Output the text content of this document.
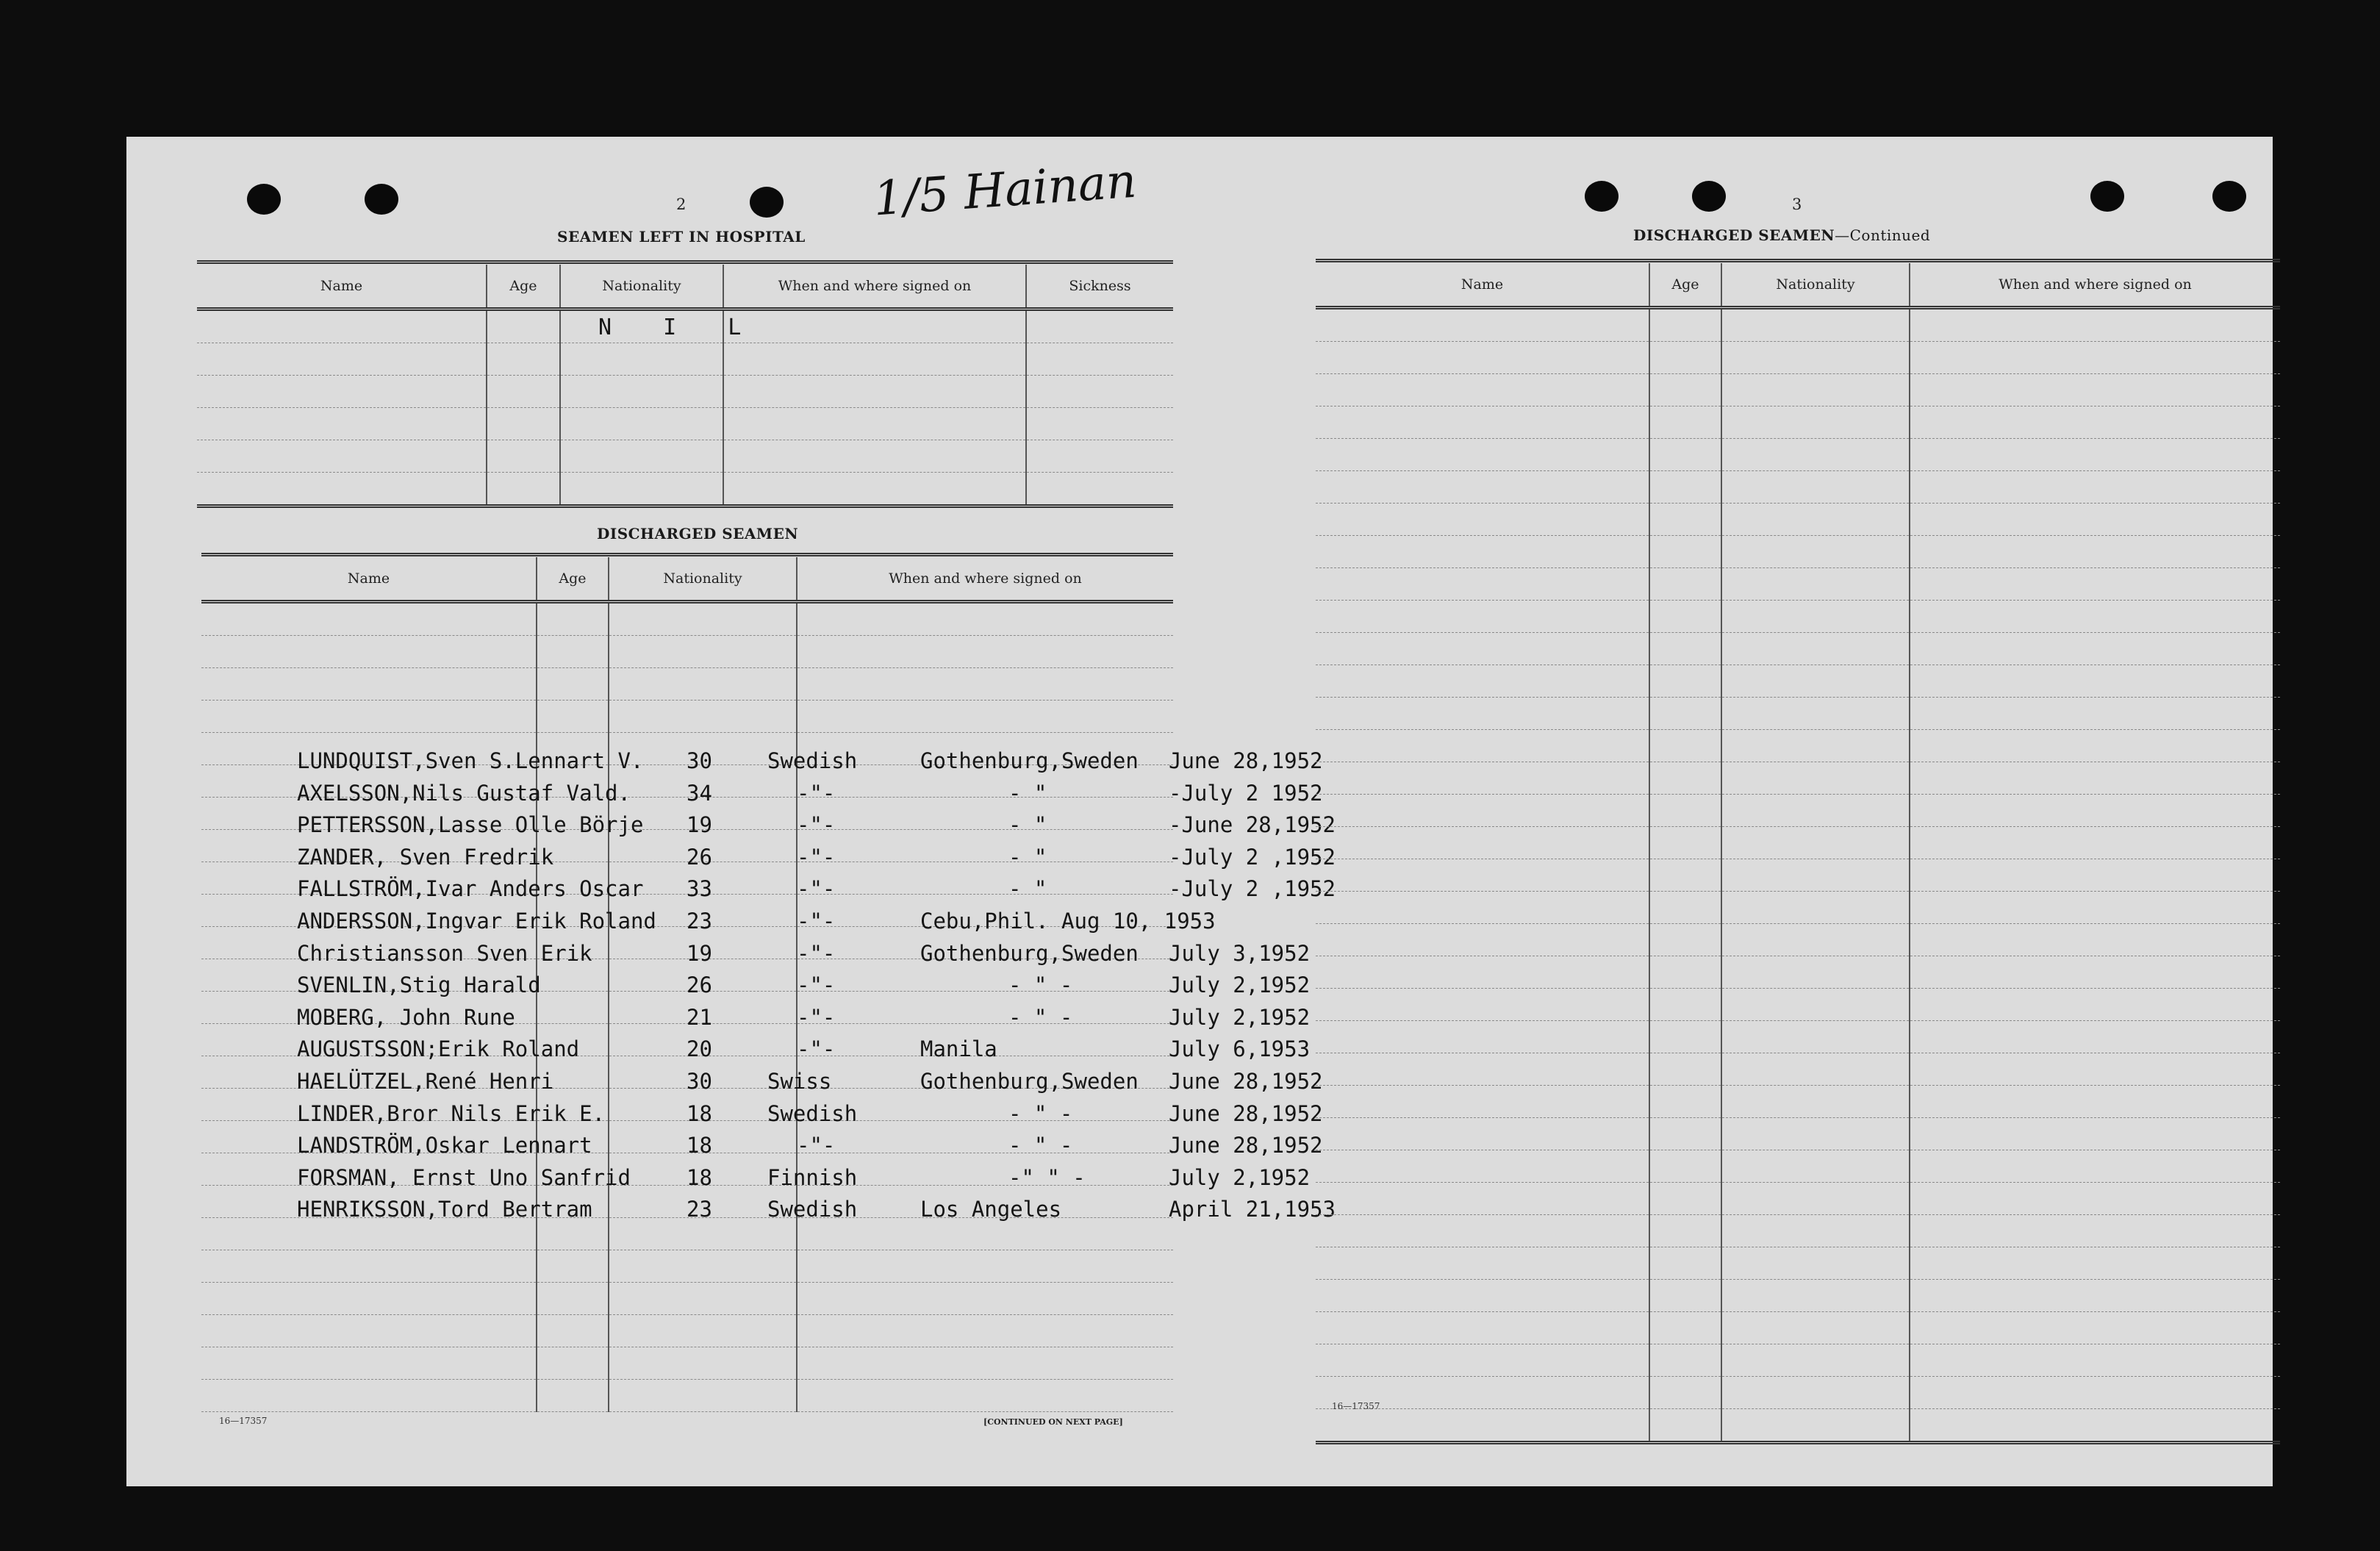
2	1/5 Hainan
SEAMEN LEFT IN HOSPITAL
Name	Age	Nationality	When and where signed on	Sickness

N I L
DISCHARGED SEAMEN
Name	Age	Nationality	When and where signed on

LUNDQUIST,Sven S.Lennart V. 30	Swedish	Gothenburg,Sweden June 28,1952
AXELSSON,Nils Gustaf Vald.	34	-"-	- "	-July 2 1952
PETTERSSON,Lasse Olle Börje 19	-"-	- "	-June 28,1952
ZANDER, Sven Fredrik	26	-"-	- "	-July 2 ,1952
FALLSTRÖM,Ivar Anders Oscar 33	-"-	- "	-July 2 ,1952
ANDERSSON,Ingvar Erik Roland 23	-"-	Cebu,Phil. Aug 10, 1953
Christiansson Sven Erik	19	-"-	Gothenburg,Sweden July 3,1952
SVENLIN,Stig Harald	26	-"-	- " -	July 2,1952
MOBERG, John Rune	21	-"-	- " -	July 2,1952
AUGUSTSSON;Erik Roland	20	-"-	Manila	July 6,1953
HAELÜTZEL,René Henri	30	Swiss	Gothenburg,Sweden June 28,1952
LINDER,Bror Nils Erik E.	18	Swedish	- " -	June 28,1952
LANDSTRÖM,Oskar Lennart	18	-"-	- " -	June 28,1952
FORSMAN, Ernst Uno Sanfrid	18	Finnish	-" " -	July 2,1952
HENRIKSSON,Tord Bertram	23	Swedish	Los Angeles	April 21,1953
16—17357	[CONTINUED ON NEXT PAGE]
3
DISCHARGED SEAMEN—Continued
Name	Age	Nationality	When and where signed on

16—17357
